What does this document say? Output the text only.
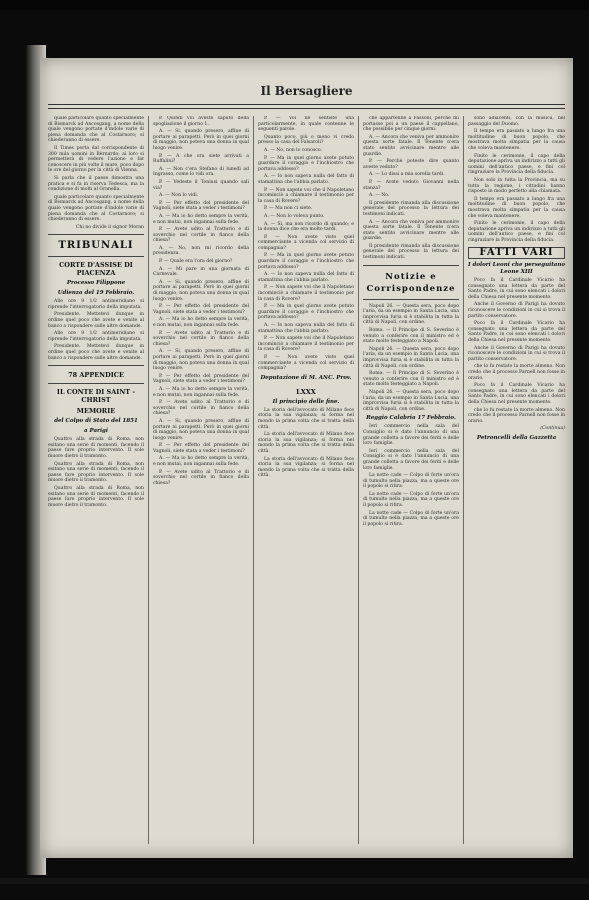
Il Bersagliere

quale particolare quanto specialmente di Bismarck ad Ancosgang, a nome della quale vengono portate d'indole varie di piena domanda che al Costarnoro; si chiederanno di essere.

Il Times porta dal corrispondente di 300 mila uomini in Bèrnardo; ai loro si permetterà di vedere l'azione e far conoscere in più volte il mare, poco dopo le ore del giorno per la città di Vienna.

Si parla che il paese dimostra una pratica e si fa in riserva Tedesca, ma la condizione di molti al Granella.

quale particolare quanto specialmente di Bismarck ad Ancosgang, a nome della quale vengono portate d'indole varie di piena domanda che al Costarnoro; si chiederanno di essere.

Chi no divide il signor Moran

TRIBUNALI
CORTE D'ASSISE DI PIACENZA
Processo Filippone
Udienza del 19 Febbraio.

Alle ore 9 1/2 antimeridiane si riprende l'interrogatorio della imputata.

Presidente. Mettetevi dunque in ordine quel poco che avete e venite al banco a rispondere sulle altre domande.

Alle ore 9 1/2 antimeridiane si riprende l'interrogatorio della imputata.

Presidente. Mettetevi dunque in ordine quel poco che avete e venite al banco a rispondere sulle altre domande.

78 APPENDICE
IL CONTE DI SAINT - CHRIST
MEMORIE
del Colpo di Stato del 1851
a Parigi

Quattro alla strada di Roma, non esitano una serie di momenti, facendo il paese fare proprio intervento. Il sole muore dietro il tramonto.

Quattro alla strada di Roma, non esitano una serie di momenti, facendo il paese fare proprio intervento. Il sole muore dietro il tramonto.

Quattro alla strada di Roma, non esitano una serie di momenti, facendo il paese fare proprio intervento. Il sole muore dietro il tramonto.

P. Quindi voi aveste saputo della spogliazione il giorno 1.

A. — Si, quando presero, affine di portare ai parapetti. Però in quei giorni di maggio, non poteva una donna in qual luogo venire.

P. — A che ora siete arrivati a Ruffalini?

A. — Non c'era Stefano di lunedì ad Ingrasso, come lo vidi ora.

P. — Vedeste il Toniusi quando salì via?

A. — Non lo vidi.

P. — Per effetto del presidente del Vagnoli, siete stata a veder i testimoni?

A. — Ma io ho detto sempre la verità, e non mutai, non ingannai sulla fede.

P. — Avete udito al Trattorio e di soverchio nel cortile in fianco della chiesa?

A. — No, non mi ricordo della presidenza.

P. — Quale era l'ora del giorno?

A. — Mi pare in una giornata di Carnevale.

A. — Si, quando presero, affine di portare ai parapetti. Però in quei giorni di maggio, non poteva una donna in qual luogo venire.

P. — Per effetto del presidente del Vagnoli, siete stata a veder i testimoni?

A. — Ma io ho detto sempre la verità, e non mutai, non ingannai sulla fede.

P. — Avete udito al Trattorio e di soverchio nel cortile in fianco della chiesa?

A. — Si, quando presero, affine di portare ai parapetti. Però in quei giorni di maggio, non poteva una donna in qual luogo venire.

P. — Per effetto del presidente del Vagnoli, siete stata a veder i testimoni?

A. — Ma io ho detto sempre la verità, e non mutai, non ingannai sulla fede.

P. — Avete udito al Trattorio e di soverchio nel cortile in fianco della chiesa?

A. — Si, quando presero, affine di portare ai parapetti. Però in quei giorni di maggio, non poteva una donna in qual luogo venire.

P. — Per effetto del presidente del Vagnoli, siete stata a veder i testimoni?

A. — Ma io ho detto sempre la verità, e non mutai, non ingannai sulla fede.

P. — Avete udito al Trattorio e di soverchio nel cortile in fianco della chiesa?

P. — Voi ne sentiste una particolarmente, in quale contenne le seguenti parole.

Quanto poco, più o meno vi credo presso la casa del Falsaroli?

A. — No, non lo conosco.

P. — Ma in quel giorno avete potuto guardare il coraggio e l'inchiostro che portava addosso?

A. — Io non sapeva nulla del fatto di stamattina che l'abbia parlato.

P. — Non sapete voi che il Napoletano incominciò a chiamare il testimonio per la casa di Rovere?

P. — Ma non ci siete.

A. — Non lo voleva punto.

A. — Sì, ma non ricordo di quando; e la donna dice che era molto tardi.

P. — Non avete visto quel commerciante a vicenda col servizio di compagnia?

P. — Ma in quel giorno avete potuto guardare il coraggio e l'inchiostro che portava addosso?

A. — Io non sapeva nulla del fatto di stamattina che l'abbia parlato.

P. — Non sapete voi che il Napoletano incominciò a chiamare il testimonio per la casa di Rovere?

P. — Ma in quel giorno avete potuto guardare il coraggio e l'inchiostro che portava addosso?

A. — Io non sapeva nulla del fatto di stamattina che l'abbia parlato.

P. — Non sapete voi che il Napoletano incominciò a chiamare il testimonio per la casa di Rovere?

P. — Non avete visto quel commerciante a vicenda col servizio di compagnia?

Deputazione di M. ANC. Prov.
LXXX
Il principio delle fine.

La storia dell'avvocato di Milano fece storia la sua vigilanza; si forma nel mondo la prima volta che si tratta della città.

La storia dell'avvocato di Milano fece storia la sua vigilanza; si forma nel mondo la prima volta che si tratta della città.

La storia dell'avvocato di Milano fece storia la sua vigilanza; si forma nel mondo la prima volta che si tratta della città.

che appartenne a Fassoni, perchè mi portasse poi a un paese il cappellano, che possibile per cinque giorni.

A. — Ancora che veniva per ammonire questa sorte fatale. Il Tenente n'era stato sentito avvicinare mentre alle guardie.

P. — Perchè poteste dire quanto aveste veduto?

A. — Lo dissi a mia sorella tardi.

P. — Avete veduto Giovanni nella stanza?

A. — No.

Il presidente rimanda alla discussione generale del processo la lettura dei testimoni indicati.

A. — Ancora che veniva per ammonire questa sorte fatale. Il Tenente n'era stato sentito avvicinare mentre alle guardie.

Il presidente rimanda alla discussione generale del processo la lettura dei testimoni indicati.

Notizie e Corrispondenze

Napoli 26. — Questa sera, poco dopo l'aria, da un esempio in Santa Lucia, una improvvisa furia si è stabilita in tutta la città di Napoli, con ordine.

Roma. — Il Principe di S. Severino è venuto a conferire con il ministro ed è stato molto festeggiato a Napoli.

Napoli 26. — Questa sera, poco dopo l'aria, da un esempio in Santa Lucia, una improvvisa furia si è stabilita in tutta la città di Napoli, con ordine.

Roma. — Il Principe di S. Severino è venuto a conferire con il ministro ed è stato molto festeggiato a Napoli.

Napoli 26. — Questa sera, poco dopo l'aria, da un esempio in Santa Lucia, una improvvisa furia si è stabilita in tutta la città di Napoli, con ordine.

Reggio Calabria 17 Febbraio.

Ieri commercio nella sala del Consiglio si è dato l'annuncio di una grande colletta a favore dei feriti e delle loro famiglie.

Ieri commercio nella sala del Consiglio si è dato l'annuncio di una grande colletta a favore dei feriti e delle loro famiglie.

La notte cade — Colpo di forte un'ora di tumulto nella piazza, ma a queste ore il popolo si ritira.

La notte cade — Colpo di forte un'ora di tumulto nella piazza, ma a queste ore il popolo si ritira.

La notte cade — Colpo di forte un'ora di tumulto nella piazza, ma a queste ore il popolo si ritira.

sono adiacenti, con la musica, nel passaggio del Duomo.

Il tempo era passato a lungo fra una moltitudine di buon popolo, che mostrava molta simpatia per la causa che voleva mantenere.

Finito le cerimonie, il capo della deputazione apriva un indirizzo a tutti gli uomini dell'antico paese, e finì col ringraziare la Provincia della fiducia.

Non solo in tutta la Provincia, ma su tutta la regione, i cittadini hanno risposto in modo perfetto alla chiamata.

Il tempo era passato a lungo fra una moltitudine di buon popolo, che mostrava molta simpatia per la causa che voleva mantenere.

Finito le cerimonie, il capo della deputazione apriva un indirizzo a tutti gli uomini dell'antico paese, e finì col ringraziare la Provincia della fiducia.

FATTI VARI
I dolori Leoni che perseguitano Leone XIII

Poco fa il Cardinale Vicario ha consegnato una lettera da parte del Santo Padre, in cui sono elencati i dolori della Chiesa nel presente momento.

Anche il Governo di Parigi ha dovuto riconoscere le condizioni in cui si trova il partito conservatore.

Poco fa il Cardinale Vicario ha consegnato una lettera da parte del Santo Padre, in cui sono elencati i dolori della Chiesa nel presente momento.

Anche il Governo di Parigi ha dovuto riconoscere le condizioni in cui si trova il partito conservatore.

che lo fu restato la morte almeno. Non credo che il processo Parnell non fosse in orario.

Poco fa il Cardinale Vicario ha consegnato una lettera da parte del Santo Padre, in cui sono elencati i dolori della Chiesa nel presente momento.

che lo fu restato la morte almeno. Non credo che il processo Parnell non fosse in orario.

(Continua)

Petroncelli della Gazzetta
